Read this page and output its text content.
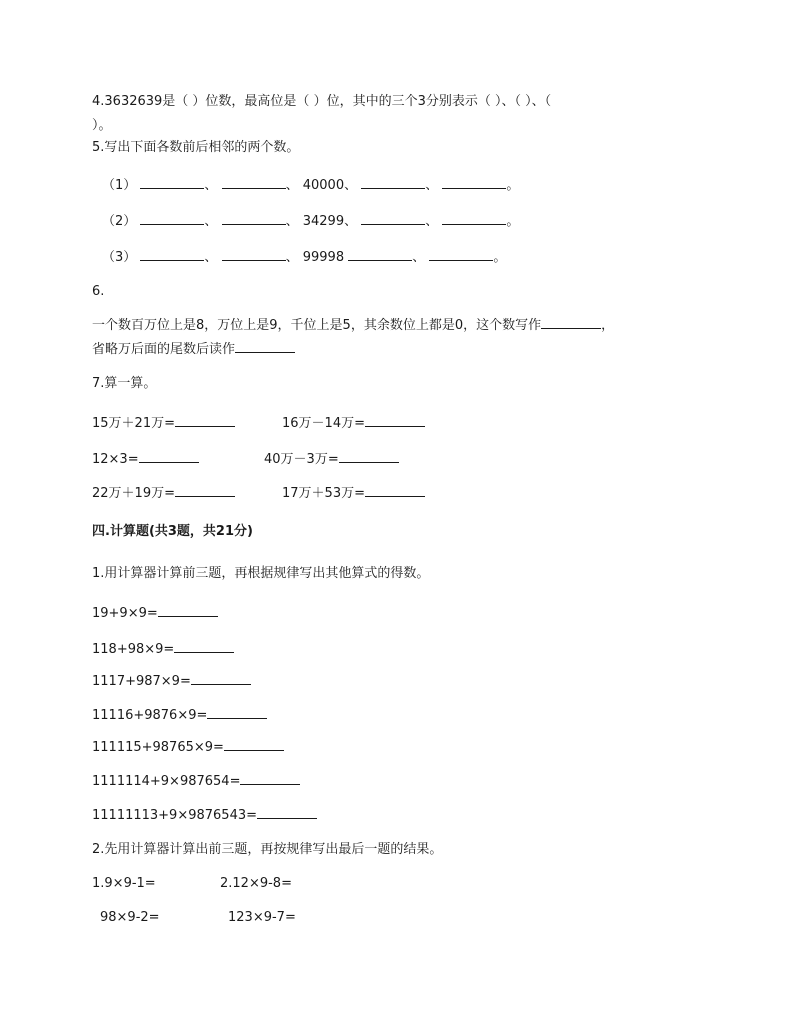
4.3632639是（ ）位数，最高位是（ ）位，其中的三个3分别表示（ ）、（ ）、（
）。
5.写出下面各数前后相邻的两个数。
（1）	、	、 40000、	、	。
（2）	、	、 34299、	、	。
（3）	、	、 99998	、	。
6.
一个数百万位上是8，万位上是9，千位上是5，其余数位上都是0，这个数写作	，
省略万后面的尾数后读作
7.算一算。
15万＋21万=	16万－14万=
12×3=	40万－3万=
22万＋19万=	17万＋53万=
四.计算题(共3题，共21分)
1.用计算器计算前三题，再根据规律写出其他算式的得数。
19+9×9=
118+98×9=
1117+987×9=
11116+9876×9=
111115+98765×9=
1111114+9×987654=
11111113+9×9876543=
2.先用计算器计算出前三题，再按规律写出最后一题的结果。
1.9×9-1=	2.12×9-8=
98×9-2=	123×9-7=
